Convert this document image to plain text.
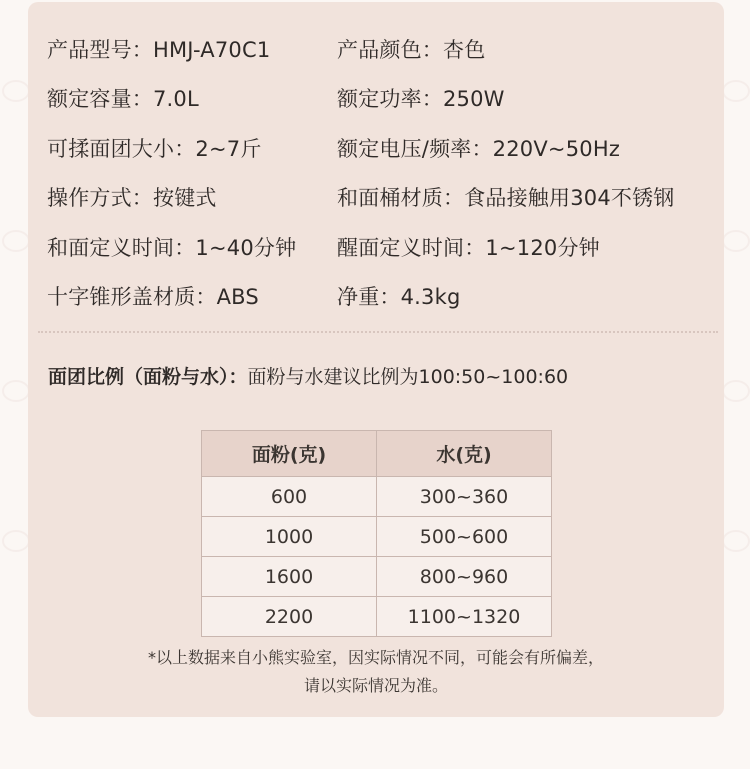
产品型号：HMJ-A70C1	产品颜色：杏色
额定容量：7.0L	额定功率：250W
可揉面团大小：2~7斤	额定电压/频率：220V~50Hz
操作方式：按键式	和面桶材质：食品接触用304不锈钢
和面定义时间：1~40分钟 醒面定义时间：1~120分钟
十字锥形盖材质：ABS	净重：4.3kg
面团比例（面粉与水）： 面粉与水建议比例为100:50~100:60
面粉(克)	水(克)
600	300~360
1000	500~600
1600	800~960
2200	1100~1320
*以上数据来自小熊实验室，因实际情况不同，可能会有所偏差，
请以实际情况为准。
